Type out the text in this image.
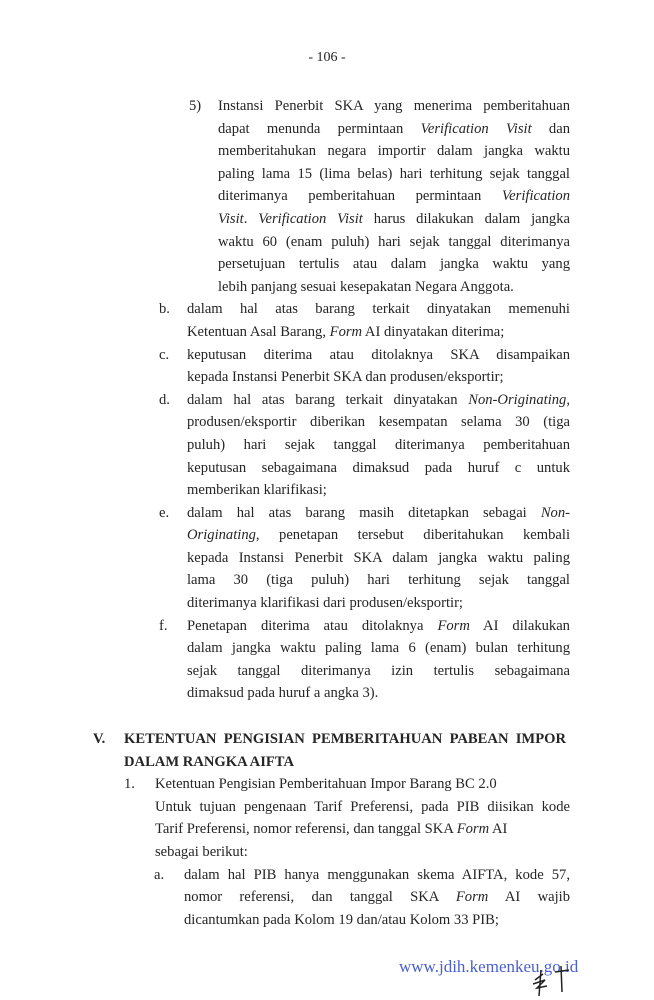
- 106 -
5) Instansi Penerbit SKA yang menerima pemberitahuan
dapat menunda permintaan Verification Visit dan
memberitahukan negara importir dalam jangka waktu
paling lama 15 (lima belas) hari terhitung sejak tanggal
diterimanya pemberitahuan permintaan Verification
Visit. Verification Visit harus dilakukan dalam jangka
waktu 60 (enam puluh) hari sejak tanggal diterimanya
persetujuan tertulis atau dalam jangka waktu yang
lebih panjang sesuai kesepakatan Negara Anggota.
b. dalam hal atas barang terkait dinyatakan memenuhi
Ketentuan Asal Barang, Form AI dinyatakan diterima;
c. keputusan diterima atau ditolaknya SKA disampaikan
kepada Instansi Penerbit SKA dan produsen/eksportir;
d. dalam hal atas barang terkait dinyatakan Non-Originating,
produsen/eksportir diberikan kesempatan selama 30 (tiga
puluh) hari sejak tanggal diterimanya pemberitahuan
keputusan sebagaimana dimaksud pada huruf c untuk
memberikan klarifikasi;
e. dalam hal atas barang masih ditetapkan sebagai Non-
Originating, penetapan tersebut diberitahukan kembali
kepada Instansi Penerbit SKA dalam jangka waktu paling
lama 30 (tiga puluh) hari terhitung sejak tanggal
diterimanya klarifikasi dari produsen/eksportir;
f. Penetapan diterima atau ditolaknya Form AI dilakukan
dalam jangka waktu paling lama 6 (enam) bulan terhitung
sejak tanggal diterimanya izin tertulis sebagaimana
dimaksud pada huruf a angka 3).
V. KETENTUAN PENGISIAN PEMBERITAHUAN PABEAN IMPOR
DALAM RANGKA AIFTA
1. Ketentuan Pengisian Pemberitahuan Impor Barang BC 2.0
Untuk tujuan pengenaan Tarif Preferensi, pada PIB diisikan kode
Tarif Preferensi, nomor referensi, dan tanggal SKA Form AI
sebagai berikut:
a. dalam hal PIB hanya menggunakan skema AIFTA, kode 57,
nomor referensi, dan tanggal SKA Form AI wajib
dicantumkan pada Kolom 19 dan/atau Kolom 33 PIB;
www.jdih.kemenkeu.go.id
